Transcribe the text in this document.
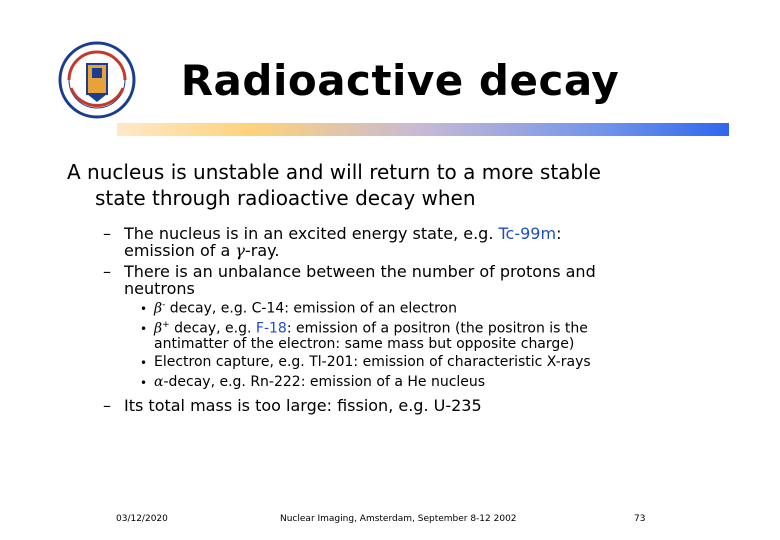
Radioactive decay
A nucleus is unstable and will return to a more stable
state through radioactive decay when
– The nucleus is in an excited energy state, e.g. Tc-99m:
emission of a γ-ray.
– There is an unbalance between the number of protons and
neutrons
• β- decay, e.g. C-14: emission of an electron
• β+ decay, e.g. F-18: emission of a positron (the positron is the
antimatter of the electron: same mass but opposite charge)
• Electron capture, e.g. Tl-201: emission of characteristic X-rays
• α-decay, e.g. Rn-222: emission of a He nucleus
– Its total mass is too large: fission, e.g. U-235
03/12/2020	Nuclear Imaging, Amsterdam, September 8-12 2002	73
